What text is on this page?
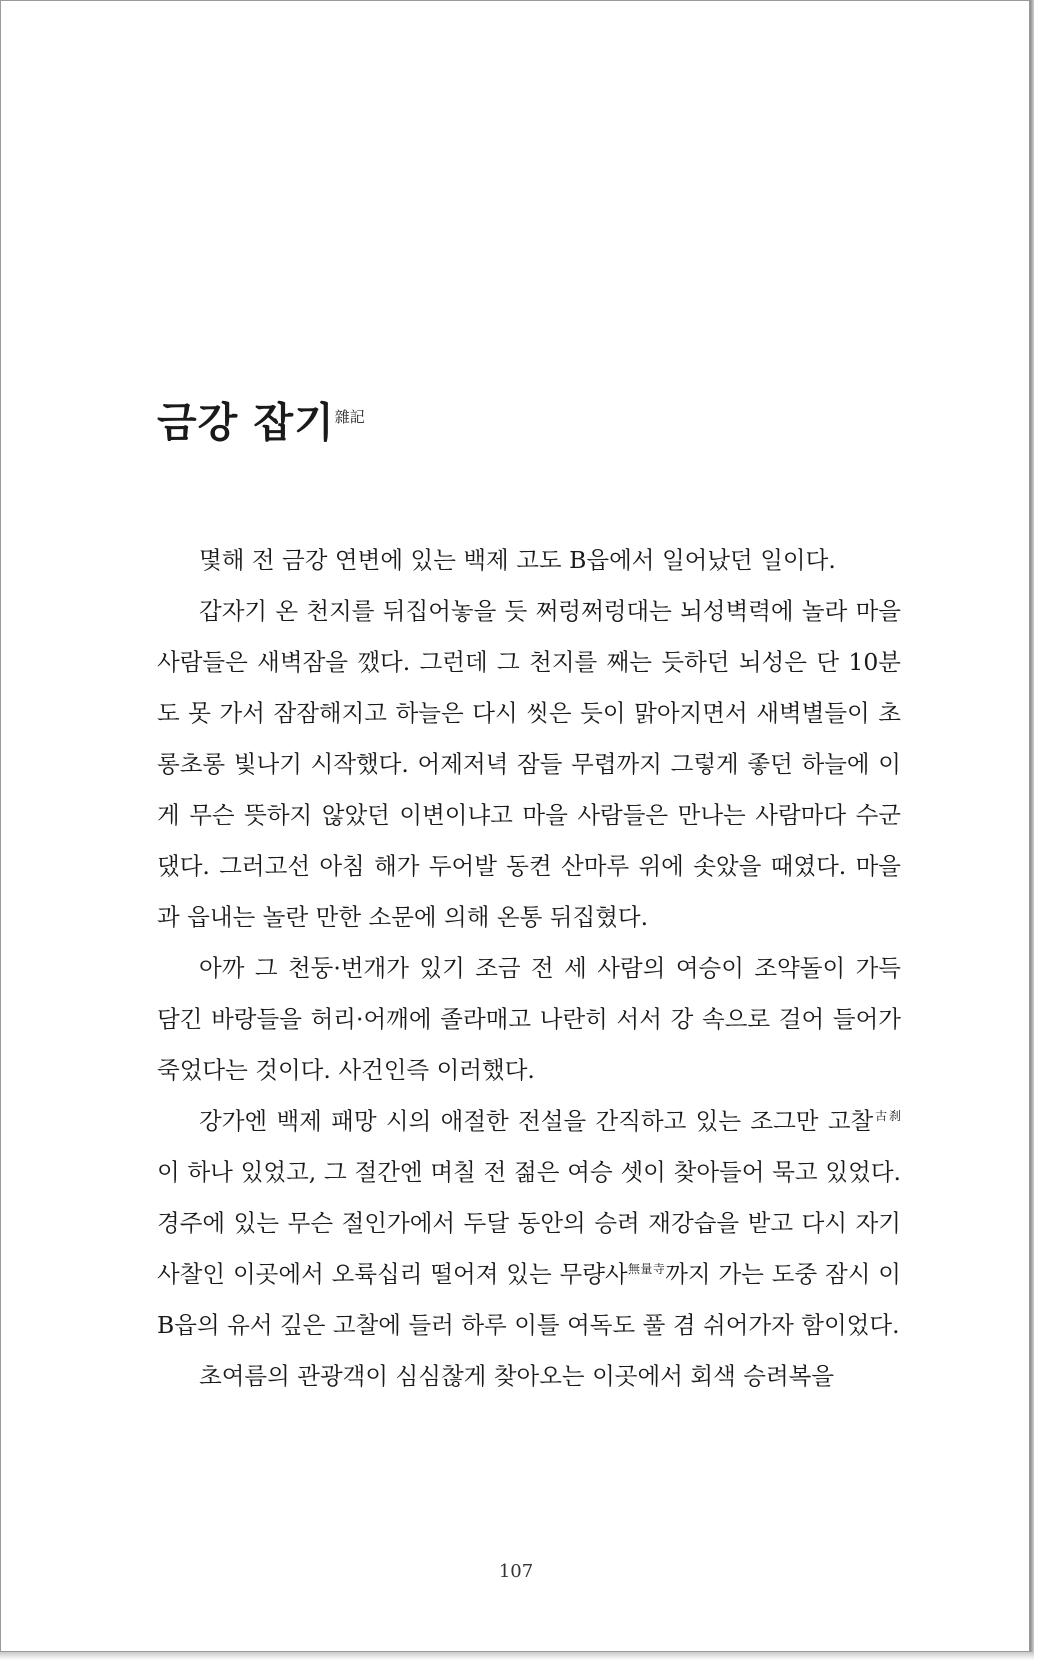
금강 잡기$^{雜記}$

몇해 전 금강 연변에 있는 백제 고도 B읍에서 일어났던 일이다.

갑자기 온 천지를 뒤집어놓을 듯 쩌렁쩌렁대는 뇌성벽력에 놀라 마을 사람들은 새벽잠을 깼다. 그런데 그 천지를 째는 듯하던 뇌성은 단 10분도 못 가서 잠잠해지고 하늘은 다시 씻은 듯이 맑아지면서 새벽별들이 초롱초롱 빛나기 시작했다. 어제저녁 잠들 무렵까지 그렇게 좋던 하늘에 이게 무슨 뜻하지 않았던 이변이냐고 마을 사람들은 만나는 사람마다 수군댔다. 그러고선 아침 해가 두어발 동켠 산마루 위에 솟았을 때였다. 마을과 읍내는 놀란 만한 소문에 의해 온통 뒤집혔다.

아까 그 천둥·번개가 있기 조금 전 세 사람의 여승이 조약돌이 가득 담긴 바랑들을 허리·어깨에 졸라매고 나란히 서서 강 속으로 걸어 들어가 죽었다는 것이다. 사건인즉 이러했다.

강가엔 백제 패망 시의 애절한 전설을 간직하고 있는 조그만 고찰$^{古刹}$이 하나 있었고, 그 절간엔 며칠 전 젊은 여승 셋이 찾아들어 묵고 있었다. 경주에 있는 무슨 절인가에서 두달 동안의 승려 재강습을 받고 다시 자기 사찰인 이곳에서 오륙십리 떨어져 있는 무량사$^{無量寺}$까지 가는 도중 잠시 이 B읍의 유서 깊은 고찰에 들러 하루 이틀 여독도 풀 겸 쉬어가자 함이었다.

초여름의 관광객이 심심찮게 찾아오는 이곳에서 회색 승려복을

107
